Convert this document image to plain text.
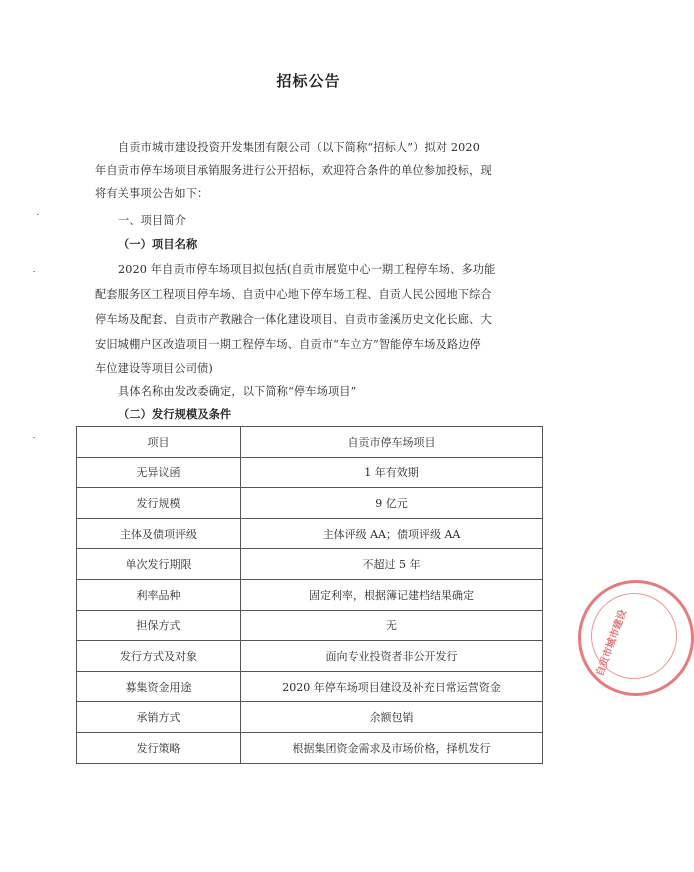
招标公告
自贡市城市建设投资开发集团有限公司（以下简称“招标人”）拟对 2020
年自贡市停车场项目承销服务进行公开招标，欢迎符合条件的单位参加投标，现
将有关事项公告如下：
一、项目简介
（一）项目名称
2020 年自贡市停车场项目拟包括(自贡市展览中心一期工程停车场、多功能
配套服务区工程项目停车场、自贡中心地下停车场工程、自贡人民公园地下综合
停车场及配套、自贡市产教融合一体化建设项目、自贡市釜溪历史文化长廊、大
安旧城棚户区改造项目一期工程停车场、自贡市“车立方”智能停车场及路边停
车位建设等项目公司债)
具体名称由发改委确定，以下简称“停车场项目”
（二）发行规模及条件
项目	自贡市停车场项目
无异议函	1 年有效期
发行规模	9 亿元
主体及债项评级	主体评级 AA；债项评级 AA
单次发行期限	不超过 5 年
利率品种	固定利率，根据簿记建档结果确定
担保方式	无
发行方式及对象	面向专业投资者非公开发行
募集资金用途	2020 年停车场项目建设及补充日常运营资金
承销方式	余额包销
发行策略	根据集团资金需求及市场价格，择机发行
自贡市城市建设
